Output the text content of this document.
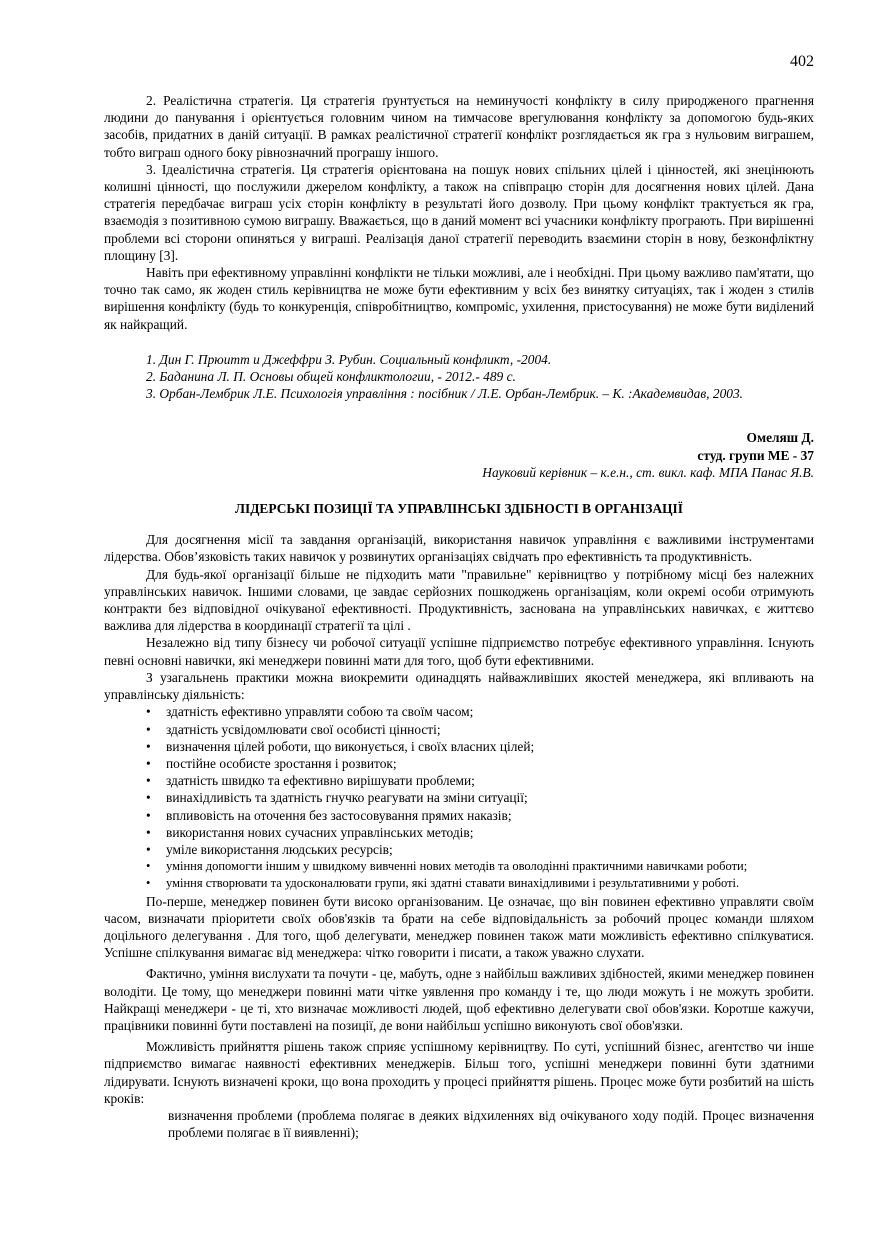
402

2. Реалістична стратегія. Ця стратегія ґрунтується на неминучості конфлікту в силу природженого прагнення людини до панування і орієнтується головним чином на тимчасове врегулювання конфлікту за допомогою будь-яких засобів, придатних в даній ситуації. В рамках реалістичної стратегії конфлікт розглядається як гра з нульовим виграшем, тобто виграш одного боку рівнозначний програшу іншого.

3. Ідеалістична стратегія. Ця стратегія орієнтована на пошук нових спільних цілей і цінностей, які знецінюють колишні цінності, що послужили джерелом конфлікту, а також на співпрацю сторін для досягнення нових цілей. Дана стратегія передбачає виграш усіх сторін конфлікту в результаті його дозволу. При цьому конфлікт трактується як гра, взаємодія з позитивною сумою виграшу. Вважається, що в даний момент всі учасники конфлікту програють. При вирішенні проблеми всі сторони опиняться у виграші. Реалізація даної стратегії переводить взаємини сторін в нову, безконфліктну площину [3].

Навіть при ефективному управлінні конфлікти не тільки можливі, але і необхідні. При цьому важливо пам'ятати, що точно так само, як жоден стиль керівництва не може бути ефективним у всіх без винятку ситуаціях, так і жоден з стилів вирішення конфлікту (будь то конкуренція, співробітництво, компроміс, ухилення, пристосування) не може бути виділений як найкращий.

1. Дин Г. Прюитт и Джеффри З. Рубин. Социальный конфликт, -2004.
2. Баданина Л. П. Основы общей конфликтологии, - 2012.- 489 с.
3. Орбан-Лембрик Л.Е. Психологія управління : посібник / Л.Е. Орбан-Лембрик. – К. :Академвидав, 2003.
Омеляш Д.
студ. групи МЕ - 37
Науковий керівник – к.е.н., ст. викл. каф. МПА Панас Я.В.
ЛІДЕРСЬКІ ПОЗИЦІЇ ТА УПРАВЛІНСЬКІ ЗДІБНОСТІ В ОРГАНІЗАЦІЇ

Для досягнення місії та завдання організацій, використання навичок управління є важливими інструментами лідерства. Обов’язковість таких навичок у розвинутих організаціях свідчать про ефективність та продуктивність.

Для будь-якої організації більше не підходить мати "правильне" керівництво у потрібному місці без належних управлінських навичок. Іншими словами, це завдає серйозних пошкоджень організаціям, коли окремі особи отримують контракти без відповідної очікуваної ефективності. Продуктивність, заснована на управлінських навичках, є життєво важлива для лідерства в координації стратегії та цілі .

Незалежно від типу бізнесу чи робочої ситуації успішне підприємство потребує ефективного управління. Існують певні основні навички, які менеджери повинні мати для того, щоб бути ефективними.

З узагальнень практики можна виокремити одинадцять найважливіших якостей менеджера, які впливають на управлінську діяльність:

• здатність ефективно управляти собою та своїм часом;
• здатність усвідомлювати свої особисті цінності;
• визначення цілей роботи, що виконується, і своїх власних цілей;
• постійне особисте зростання і розвиток;
• здатність швидко та ефективно вирішувати проблеми;
• винахідливість та здатність гнучко реагувати на зміни ситуації;
• впливовість на оточення без застосовування прямих наказів;
• використання нових сучасних управлінських методів;
• уміле використання людських ресурсів;
• уміння допомогти іншим у швидкому вивченні нових методів та оволодінні практичними навичками роботи;
• уміння створювати та удосконалювати групи, які здатні ставати винахідливими і результативними у роботі.

По-перше, менеджер повинен бути високо організованим. Це означає, що він повинен ефективно управляти своїм часом, визначати пріоритети своїх обов'язків та брати на себе відповідальність за робочий процес команди шляхом доцільного делегування . Для того, щоб делегувати, менеджер повинен також мати можливість ефективно спілкуватися. Успішне спілкування вимагає від менеджера: чітко говорити і писати, а також уважно слухати.

Фактично, уміння вислухати та почути - це, мабуть, одне з найбільш важливих здібностей, якими менеджер повинен володіти. Це тому, що менеджери повинні мати чітке уявлення про команду і те, що люди можуть і не можуть зробити. Найкращі менеджери - це ті, хто визначає можливості людей, щоб ефективно делегувати свої обов'язки. Коротше кажучи, працівники повинні бути поставлені на позиції, де вони найбільш успішно виконують свої обов'язки.

Можливість прийняття рішень також сприяє успішному керівництву. По суті, успішний бізнес, агентство чи інше підприємство вимагає наявності ефективних менеджерів. Більш того, успішні менеджери повинні бути здатними лідирувати. Існують визначені кроки, що вона проходить у процесі прийняття рішень. Процес може бути розбитий на шість кроків:

визначення проблеми (проблема полягає в деяких відхиленнях від очікуваного ходу подій. Процес визначення проблеми полягає в її виявленні);
